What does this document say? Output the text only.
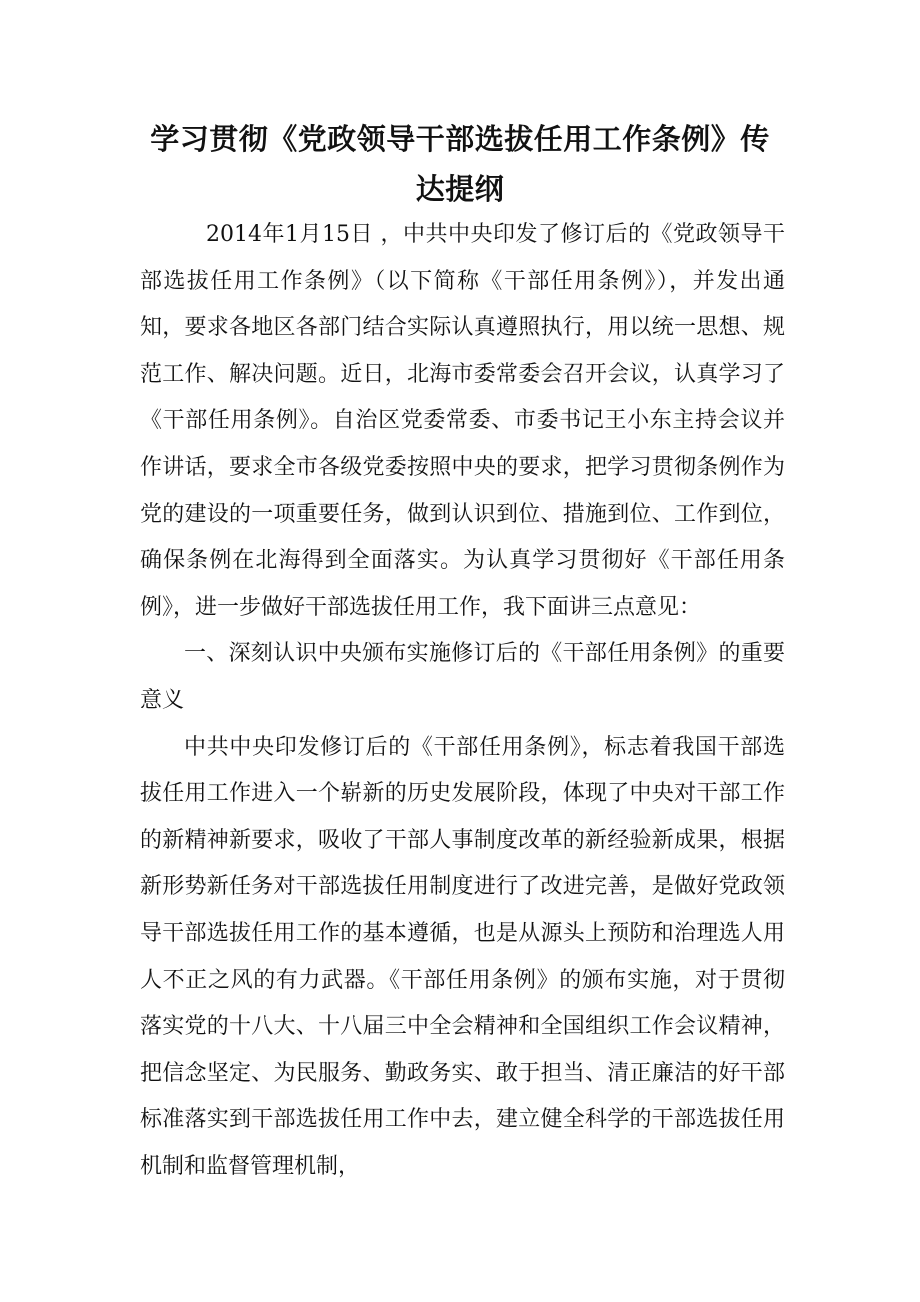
学习贯彻《党政领导干部选拔任用工作条例》传达提纲

2014年1月15日 ，中共中央印发了修订后的《党政领导干部选拔任用工作条例》（以下简称《干部任用条例》），并发出通知，要求各地区各部门结合实际认真遵照执行，用以统一思想、规范工作、解决问题。近日，北海市委常委会召开会议，认真学习了《干部任用条例》。自治区党委常委、市委书记王小东主持会议并作讲话，要求全市各级党委按照中央的要求，把学习贯彻条例作为党的建设的一项重要任务，做到认识到位、措施到位、工作到位，确保条例在北海得到全面落实。为认真学习贯彻好《干部任用条例》，进一步做好干部选拔任用工作，我下面讲三点意见：

一、深刻认识中央颁布实施修订后的《干部任用条例》的重要意义

中共中央印发修订后的《干部任用条例》，标志着我国干部选拔任用工作进入一个崭新的历史发展阶段，体现了中央对干部工作的新精神新要求，吸收了干部人事制度改革的新经验新成果，根据新形势新任务对干部选拔任用制度进行了改进完善，是做好党政领导干部选拔任用工作的基本遵循，也是从源头上预防和治理选人用人不正之风的有力武器。《干部任用条例》的颁布实施，对于贯彻落实党的十八大、十八届三中全会精神和全国组织工作会议精神，把信念坚定、为民服务、勤政务实、敢于担当、清正廉洁的好干部标准落实到干部选拔任用工作中去，建立健全科学的干部选拔任用机制和监督管理机制，
